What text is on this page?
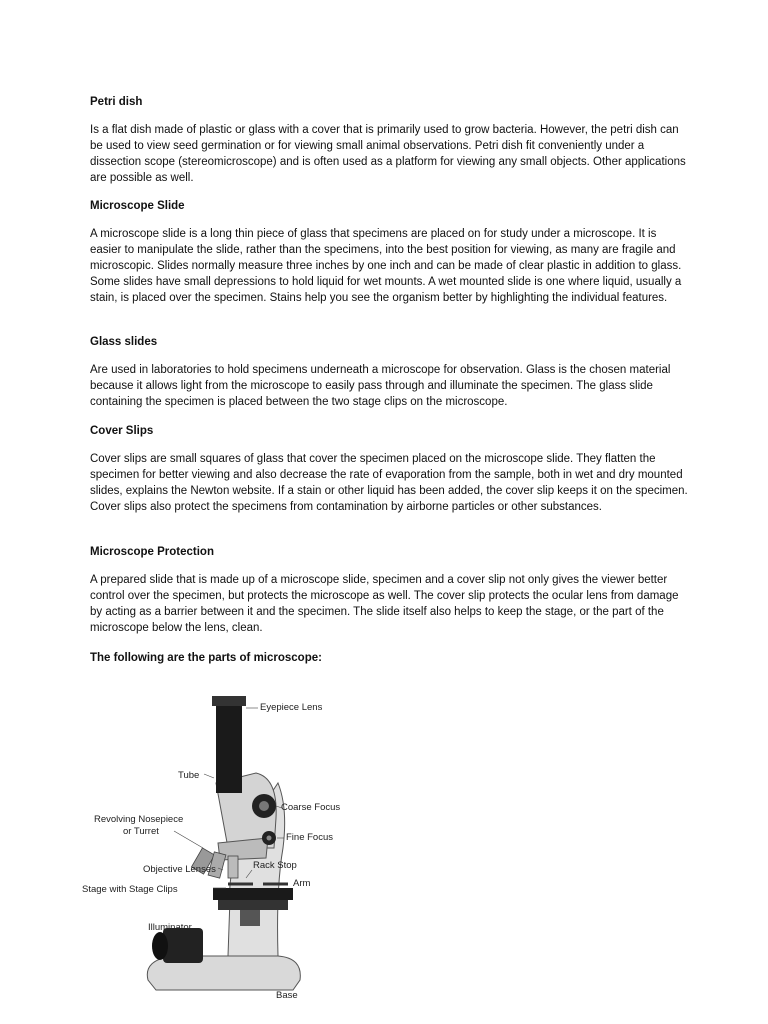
Petri dish

Is a flat dish made of plastic or glass with a cover that is primarily used to grow bacteria. However, the petri dish can be used to view seed germination or for viewing small animal observations. Petri dish fit conveniently under a dissection scope (stereomicroscope) and is often used as a platform for viewing any small objects. Other applications are possible as well.

Microscope Slide

A microscope slide is a long thin piece of glass that specimens are placed on for study under a microscope. It is easier to manipulate the slide, rather than the specimens, into the best position for viewing, as many are fragile and microscopic. Slides normally measure three inches by one inch and can be made of clear plastic in addition to glass. Some slides have small depressions to hold liquid for wet mounts. A wet mounted slide is one where liquid, usually a stain, is placed over the specimen. Stains help you see the organism better by highlighting the individual features.

Glass slides

Are used in laboratories to hold specimens underneath a microscope for observation. Glass is the chosen material because it allows light from the microscope to easily pass through and illuminate the specimen. The glass slide containing the specimen is placed between the two stage clips on the microscope.

Cover Slips

Cover slips are small squares of glass that cover the specimen placed on the microscope slide. They flatten the specimen for better viewing and also decrease the rate of evaporation from the sample, both in wet and dry mounted slides, explains the Newton website. If a stain or other liquid has been added, the cover slip keeps it on the specimen. Cover slips also protect the specimens from contamination by airborne particles or other substances.

Microscope Protection

A prepared slide that is made up of a microscope slide, specimen and a cover slip not only gives the viewer better control over the specimen, but protects the microscope as well. The cover slip protects the ocular lens from damage by acting as a barrier between it and the specimen. The slide itself also helps to keep the stage, or the part of the microscope below the lens, clean.

The following are the parts of microscope:

Eyepiece Lens
Tube
Revolving Nosepiece
or Turret
Coarse Focus
Fine Focus
Objective Lenses	Rack Stop
Arm
Stage with Stage Clips
Illuminator
Base
